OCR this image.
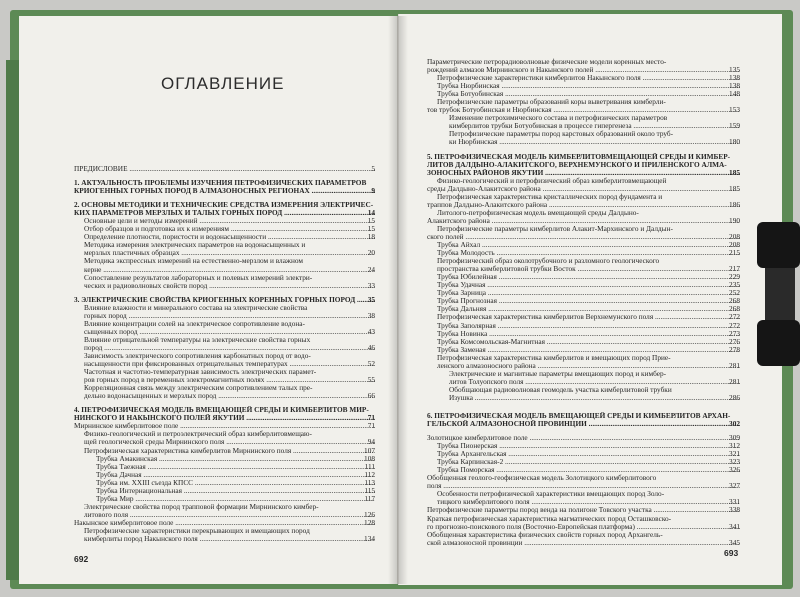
ОГЛАВЛЕНИЕ
ПРЕДИСЛОВИЕ .....	5
1. АКТУАЛЬНОСТЬ ПРОБЛЕМЫ ИЗУЧЕНИЯ ПЕТРОФИЗИЧЕСКИХ ПАРАМЕТРОВ
КРИОГЕННЫХ ГОРНЫХ ПОРОД В АЛМАЗОНОСНЫХ РЕГИОНАХ .....	9
2. ОСНОВЫ МЕТОДИКИ И ТЕХНИЧЕСКИЕ СРЕДСТВА ИЗМЕРЕНИЯ ЭЛЕКТРИЧЕС-
КИХ ПАРАМЕТРОВ МЕРЗЛЫХ И ТАЛЫХ ГОРНЫХ ПОРОД .....	14
Основные цели и методы измерений .....	15
Отбор образцов и подготовка их к измерениям .....	15
Определение плотности, пористости и водонасыщенности .....	18
Методика измерения электрических параметров на водонасыщенных и
мерзлых пластичных образцах .....	20
Методика экспрессных измерений на естественно-мерзлом и влажном
керне .....	24
Сопоставление результатов лабораторных и полевых измерений электри-
ческих и радиоволновых свойств пород .....	33
3. ЭЛЕКТРИЧЕСКИЕ СВОЙСТВА КРИОГЕННЫХ КОРЕННЫХ ГОРНЫХ ПОРОД .....	35
Влияние влажности и минерального состава на электрические свойства
горных пород .....	38
Влияние концентрации солей на электрическое сопротивление водона-
сыщенных пород .....	43
Влияние отрицательной температуры на электрические свойства горных
пород .....	46
Зависимость электрического сопротивления карбонатных пород от водо-
насыщенности при фиксированных отрицательных температурах .....	52
Частотная и частотно-температурная зависимость электрических парамет-
ров горных пород в переменных электромагнитных полях .....	55
Корреляционная связь между электрическим сопротивлением талых пре-
дельно водонасыщенных и мерзлых пород .....	66
4. ПЕТРОФИЗИЧЕСКАЯ МОДЕЛЬ ВМЕЩАЮЩЕЙ СРЕДЫ И КИМБЕРЛИТОВ МИР-
НИНСКОГО И НАКЫНСКОГО ПОЛЕЙ ЯКУТИИ .....	71
Мирнинское кимберлитовое поле .....	71
Физико-геологический и петроэлектрический образ кимберлитовмещаю-
щей геологической среды Мирнинского поля .....	94
Петрофизическая характеристика кимберлитов Мирнинского поля .....	107
Трубка Амакинская .....	108
Трубка Таежная .....	111
Трубка Дачная .....	112
Трубка им. XXIII съезда КПСС .....	113
Трубка Интернациональная .....	115
Трубка Мир .....	117
Электрические свойства пород трапповой формации Мирнинского кимбер-
литового поля .....	126
Накынское кимберлитовое поле .....	128
Петрофизические характеристики перекрывающих и вмещающих пород
кимберлиты пород Накынского поля .....	134
692
Параметрические петрорадиоволновые физические модели коренных место-
рождений алмазов Мирнинского и Накынского полей .....	135
Петрофизические характеристики кимберлитов Накынского поля .....	138
Трубка Нюрбинская .....	138
Трубка Ботуобинская .....	148
Петрофизические параметры образований коры выветривания кимберли-
тов трубок Ботуобинская и Нюрбинская .....	153
Изменение петрохимического состава и петрофизических параметров
кимберлитов трубки Ботуобинская в процессе гипергенеза .....	159
Петрофизические параметры пород карстовых образований около труб-
ки Нюрбинская .....	180
5. ПЕТРОФИЗИЧЕСКАЯ МОДЕЛЬ КИМБЕРЛИТОВМЕЩАЮЩЕЙ СРЕДЫ И КИМБЕР-
ЛИТОВ ДАЛДЫНО-АЛАКИТСКОГО, ВЕРХНЕМУНСКОГО И ПРИЛЕНСКОГО АЛМА-
ЗОНОСНЫХ РАЙОНОВ ЯКУТИИ .....	185
Физико-геологический и петрофизический образ кимберлитовмещающей
среды Далдыно-Алакитского района .....	185
Петрофизическая характеристика кристаллических пород фундамента и
траппов Далдыно-Алакитского района .....	186
Литолого-петрофизическая модель вмещающей среды Далдыно-
Алакитского района .....	190
Петрофизические параметры кимберлитов Алакит-Мархинского и Далдын-
ского полей .....	208
Трубка Айхал .....	208
Трубка Молодость .....	215
Петрофизический образ околотрубочного и разломного геологического
пространства кимберлитовой трубки Восток .....	217
Трубка Юбилейная .....	229
Трубка Удачная .....	235
Трубка Зарница .....	252
Трубка Прогнозная .....	268
Трубка Дальняя .....	268
Петрофизическая характеристика кимберлитов Верхнемунского поля .....	272
Трубка Заполярная .....	272
Трубка Новинка .....	273
Трубка Комсомольская-Магнитная .....	276
Трубка Заменая .....	278
Петрофизическая характеристика кимберлитов и вмещающих пород Прие-
ленского алмазоносного района .....	281
Электрические и магнитные параметры вмещающих пород и кимбер-
литов Толуопского поля .....	281
Обобщающая радиоволновая геомодель участка кимберлитовой трубки
Изушка .....	286
6. ПЕТРОФИЗИЧЕСКАЯ МОДЕЛЬ ВМЕЩАЮЩЕЙ СРЕДЫ И КИМБЕРЛИТОВ АРХАН-
ГЕЛЬСКОЙ АЛМАЗОНОСНОЙ ПРОВИНЦИИ .....	302
Золотицкое кимберлитовое поле .....	309
Трубка Пионерская .....	312
Трубка Архангельская .....	321
Трубка Карпинская-2 .....	323
Трубка Поморская .....	326
Обобщенная геолого-геофизическая модель Золотицкого кимберлитового
поля .....	327
Особенности петрофизической характеристики вмещающих пород Золо-
тицкого кимберлитового поля .....	331
Петрофизические параметры пород венда на полигоне Товского участка .....	338
Краткая петрофизическая характеристика магматических пород Осташковско-
го прогнозно-поискового поля (Восточно-Европейская платформа) .....	341
Обобщенная характеристика физических свойств горных пород Архангель-
ской алмазоносной провинции .....	345
693
